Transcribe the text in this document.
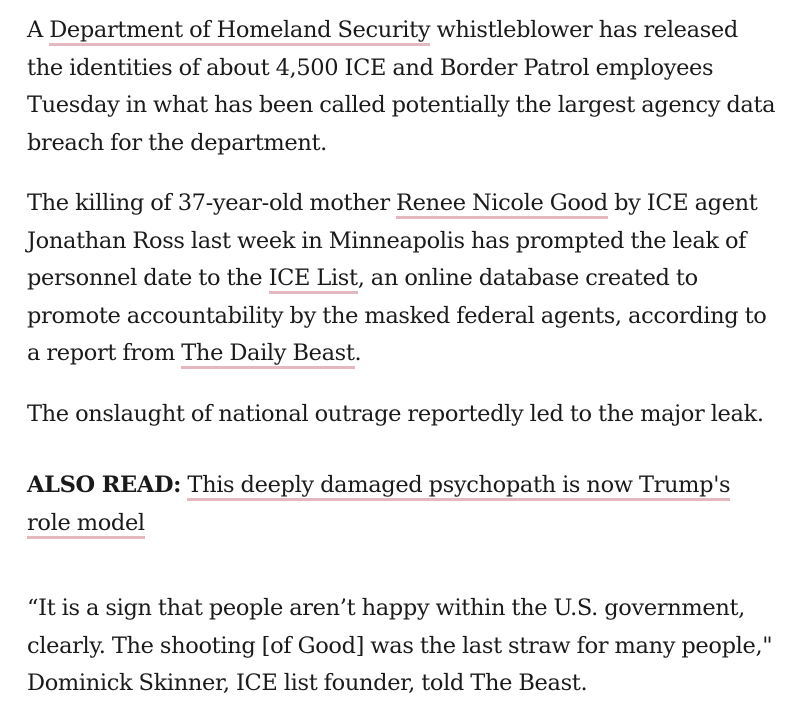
A Department of Homeland Security whistleblower has released the identities of about 4,500 ICE and Border Patrol employees Tuesday in what has been called potentially the largest agency data breach for the department.

The killing of 37-year-old mother Renee Nicole Good by ICE agent Jonathan Ross last week in Minneapolis has prompted the leak of personnel date to the ICE List, an online database created to promote accountability by the masked federal agents, according to a report from The Daily Beast.

The onslaught of national outrage reportedly led to the major leak.

ALSO READ: This deeply damaged psychopath is now Trump's role model

“It is a sign that people aren’t happy within the U.S. government, clearly. The shooting [of Good] was the last straw for many people," Dominick Skinner, ICE list founder, told The Beast.
